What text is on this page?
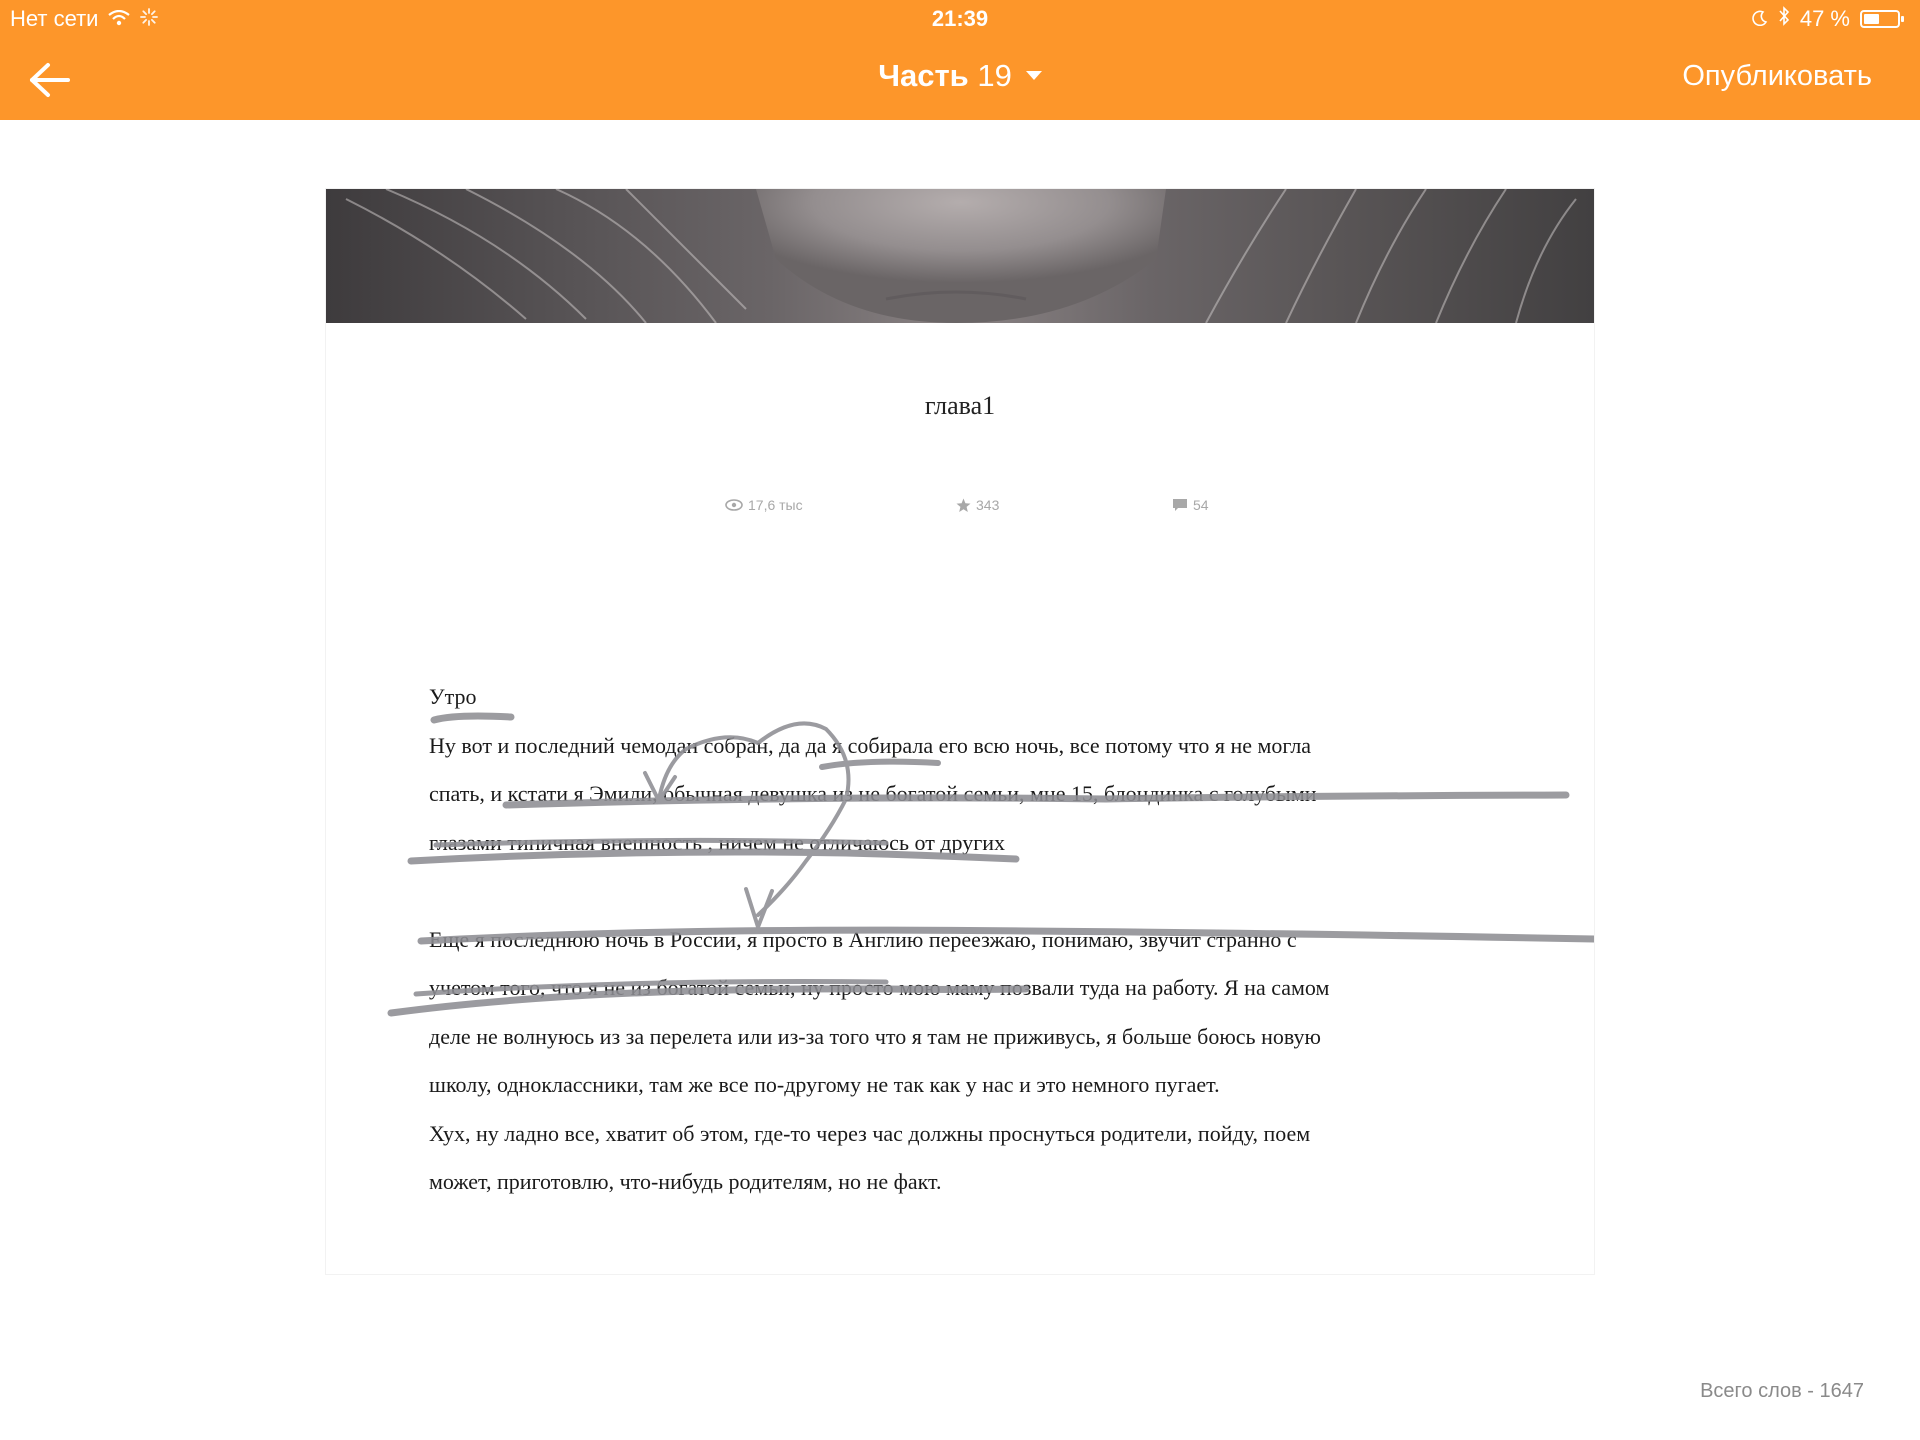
Нет сети	21:39	47 %
Часть 19	Опубликовать
глава1
17,6 тыс	343	54

Утро

Ну вот и последний чемодан собран, да да я собирала его всю ночь, все потому что я не могла

спать, и кстати я Эмили, обычная девушка из не богатой семьи, мне 15, блондинка с голубыми

глазами типичная внешность , ничем не отличаюсь от других

Еще я последнюю ночь в России, я просто в Англию переезжаю, понимаю, звучит странно с

учетом того, что я не из богатой семьи, ну просто мою маму позвали туда на работу. Я на самом

деле не волнуюсь из за перелета или из-за того что я там не приживусь, я больше боюсь новую

школу, одноклассники, там же все по-другому не так как у нас и это немного пугает.

Хух, ну ладно все, хватит об этом, где-то через час должны проснуться родители, пойду, поем

может, приготовлю, что-нибудь родителям, но не факт.

Всего слов - 1647
